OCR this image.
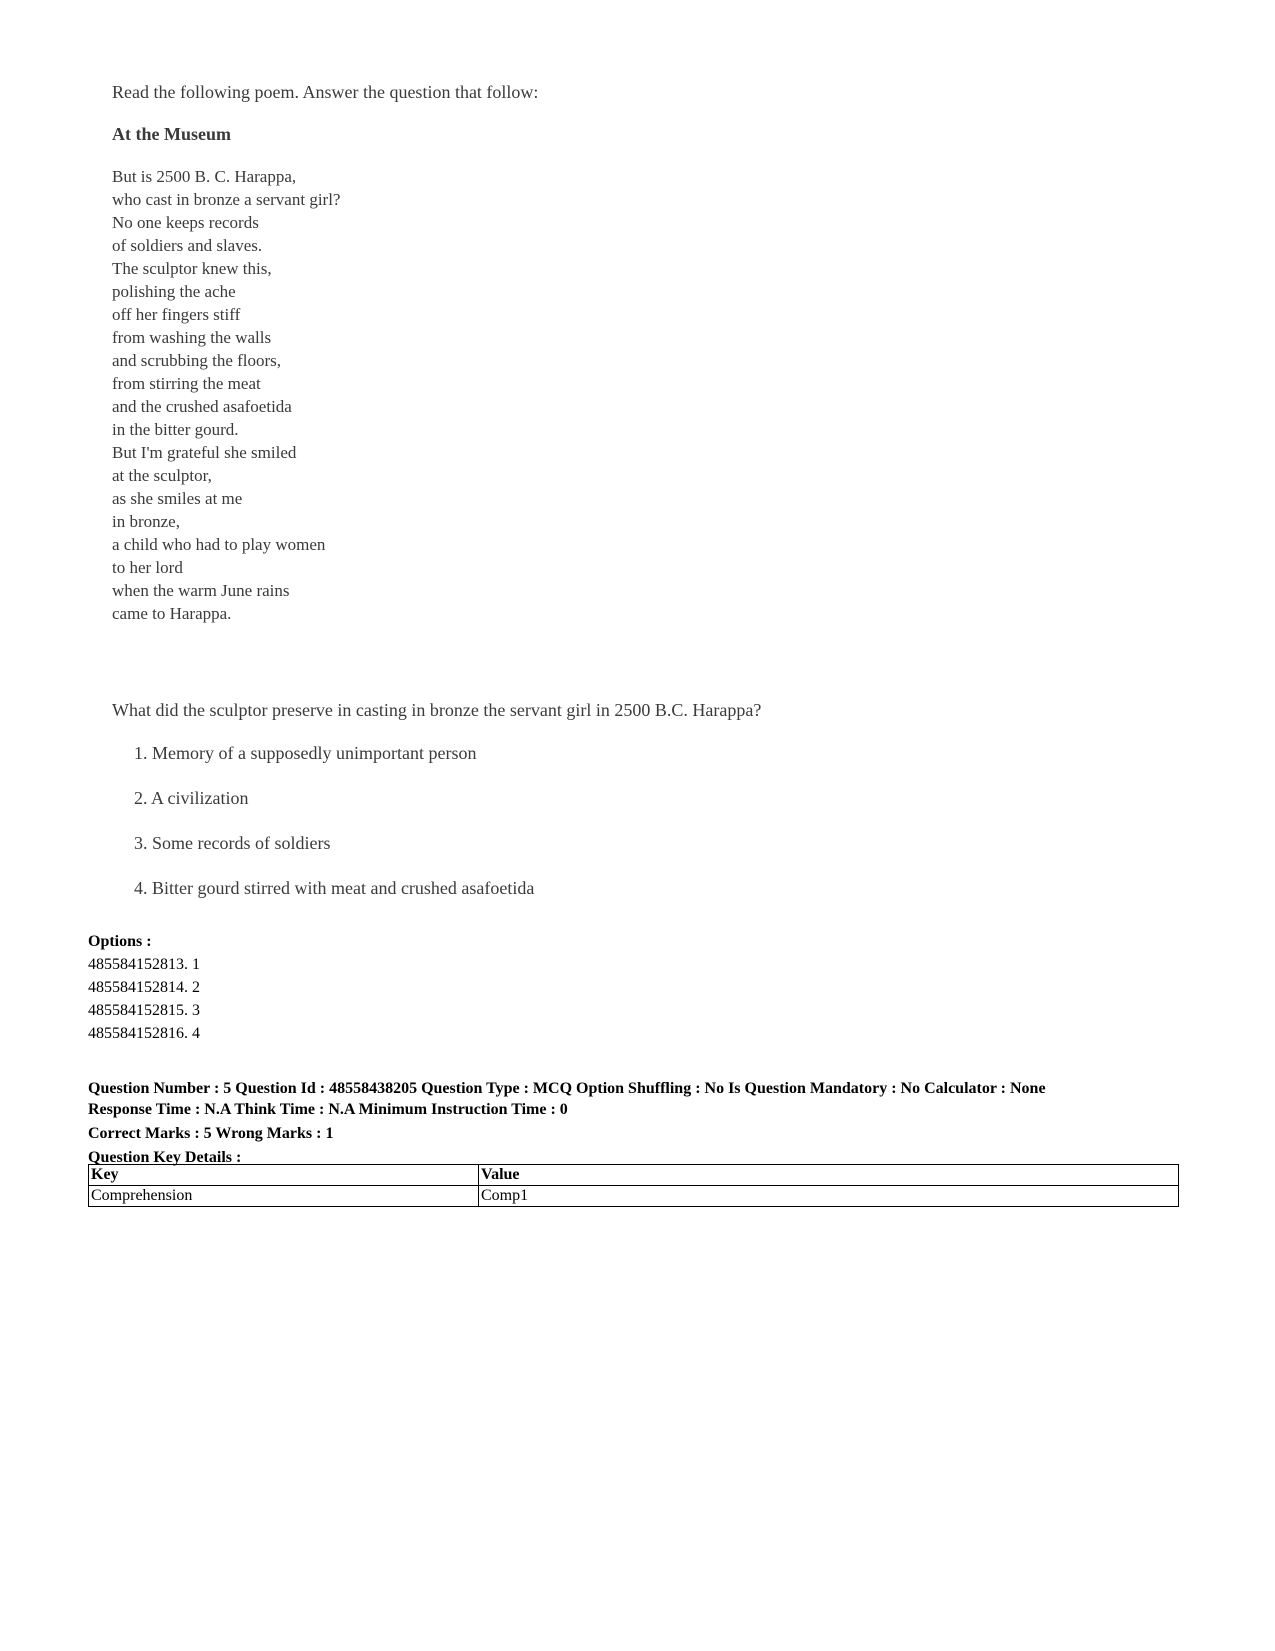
Read the following poem. Answer the question that follow:
At the Museum
But is 2500 B. C. Harappa,
who cast in bronze a servant girl?
No one keeps records
of soldiers and slaves.
The sculptor knew this,
polishing the ache
off her fingers stiff
from washing the walls
and scrubbing the floors,
from stirring the meat
and the crushed asafoetida
in the bitter gourd.
But I'm grateful she smiled
at the sculptor,
as she smiles at me
in bronze,
a child who had to play women
to her lord
when the warm June rains
came to Harappa.
What did the sculptor preserve in casting in bronze the servant girl in 2500 B.C. Harappa?
1. Memory of a supposedly unimportant person
2. A civilization
3. Some records of soldiers
4. Bitter gourd stirred with meat and crushed asafoetida
Options :
485584152813. 1
485584152814. 2
485584152815. 3
485584152816. 4
Question Number : 5 Question Id : 48558438205 Question Type : MCQ Option Shuffling : No Is Question Mandatory : No Calculator : None
Response Time : N.A Think Time : N.A Minimum Instruction Time : 0
Correct Marks : 5 Wrong Marks : 1
Question Key Details :
Key	Value
Comprehension	Comp1
